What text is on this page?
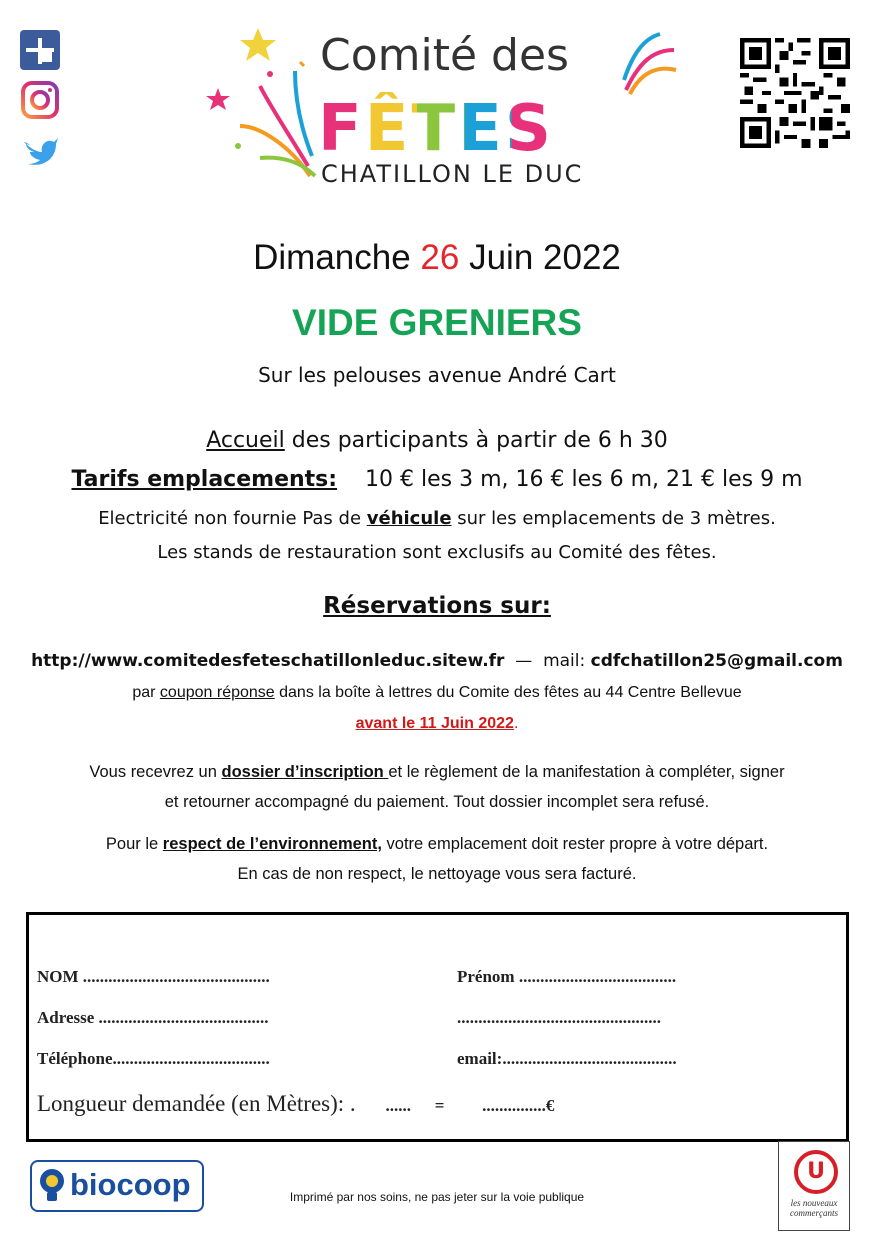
Comité des
FÊTES
CHATILLON LE DUC
Dimanche 26 Juin 2022
VIDE GRENIERS
Sur les pelouses avenue André Cart
Accueil des participants à partir de 6 h 30
Tarifs emplacements: 10 € les 3 m, 16 € les 6 m, 21 € les 9 m
Electricité non fournie Pas de véhicule sur les emplacements de 3 mètres.
Les stands de restauration sont exclusifs au Comité des fêtes.
Réservations sur:
http://www.comitedesfeteschatillonleduc.sitew.fr — mail: cdfchatillon25@gmail.com
par coupon réponse dans la boîte à lettres du Comite des fêtes au 44 Centre Bellevue
avant le 11 Juin 2022.
Vous recevrez un dossier d’inscription et le règlement de la manifestation à compléter, signer
et retourner accompagné du paiement. Tout dossier incomplet sera refusé.
Pour le respect de l’environnement, votre emplacement doit rester propre à votre départ.
En cas de non respect, le nettoyage vous sera facturé.
NOM ............................................	Prénom .....................................
Adresse ........................................	................................................
Téléphone.....................................	email:.........................................
Longueur demandée (en Mètres): . ...... = ...............€
biocoop	Imprimé par nos soins, ne pas jeter sur la voie publique
U
les nouveaux commerçants
